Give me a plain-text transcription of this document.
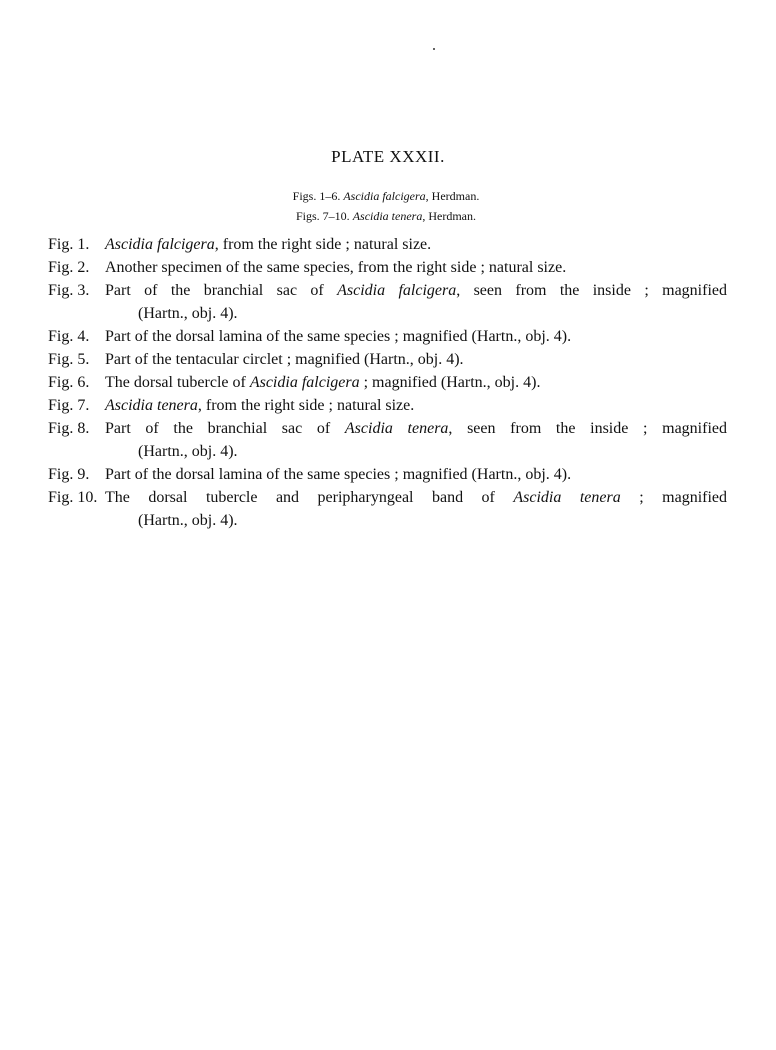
PLATE XXXII.
Figs. 1–6. Ascidia falcigera, Herdman.
Figs. 7–10. Ascidia tenera, Herdman.
Fig. 1. Ascidia falcigera, from the right side ; natural size.
Fig. 2. Another specimen of the same species, from the right side ; natural size.
Fig. 3. Part of the branchial sac of Ascidia falcigera, seen from the inside ; magnified
(Hartn., obj. 4).
Fig. 4. Part of the dorsal lamina of the same species ; magnified (Hartn., obj. 4).
Fig. 5. Part of the tentacular circlet ; magnified (Hartn., obj. 4).
Fig. 6. The dorsal tubercle of Ascidia falcigera ; magnified (Hartn., obj. 4).
Fig. 7. Ascidia tenera, from the right side ; natural size.
Fig. 8. Part of the branchial sac of Ascidia tenera, seen from the inside ; magnified
(Hartn., obj. 4).
Fig. 9. Part of the dorsal lamina of the same species ; magnified (Hartn., obj. 4).
Fig. 10. The dorsal tubercle and peripharyngeal band of Ascidia tenera ; magnified
(Hartn., obj. 4).
